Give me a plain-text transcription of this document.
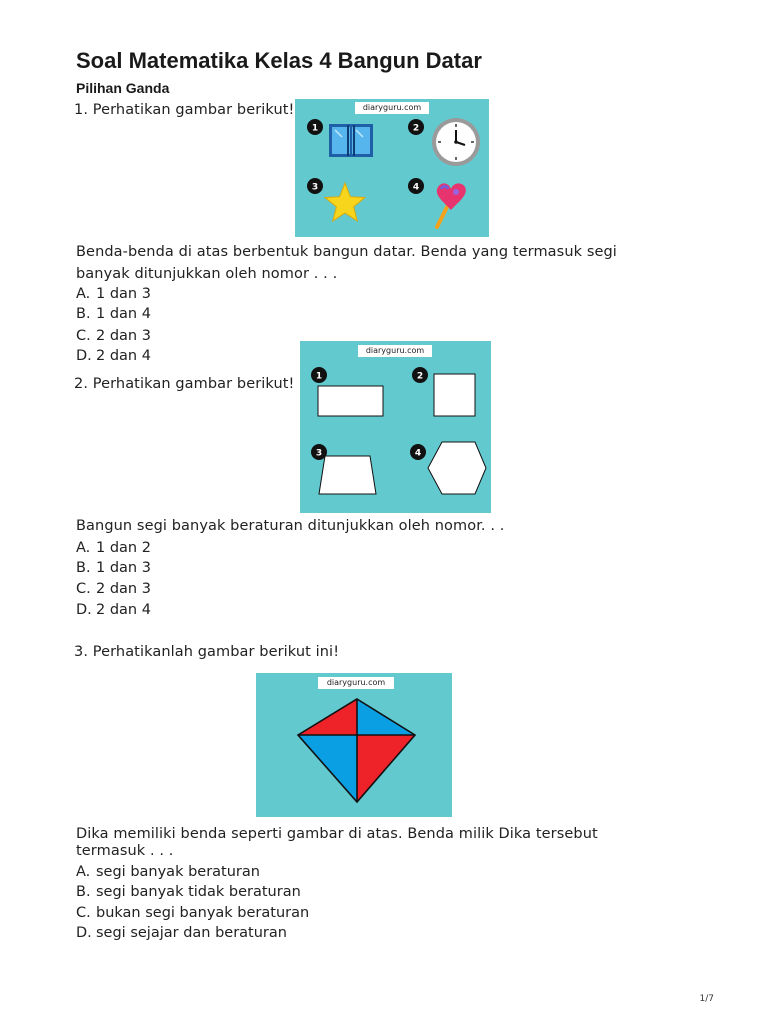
Soal Matematika Kelas 4 Bangun Datar
Pilihan Ganda
1. Perhatikan gambar berikut!	diaryguru.com
1	2
3	4
Benda-benda di atas berbentuk bangun datar. Benda yang termasuk segi
banyak ditunjukkan oleh nomor . . .
A. 1 dan 3
B. 1 dan 4
C. 2 dan 3
D. 2 dan 4
2. Perhatikan gambar berikut!
diaryguru.com
1	2
3	4
Bangun segi banyak beraturan ditunjukkan oleh nomor. . .
A. 1 dan 2
B. 1 dan 3
C. 2 dan 3
D. 2 dan 4
3. Perhatikanlah gambar berikut ini!
diaryguru.com
Dika memiliki benda seperti gambar di atas. Benda milik Dika tersebut
termasuk . . .
A. segi banyak beraturan
B. segi banyak tidak beraturan
C. bukan segi banyak beraturan
D. segi sejajar dan beraturan
1/7
